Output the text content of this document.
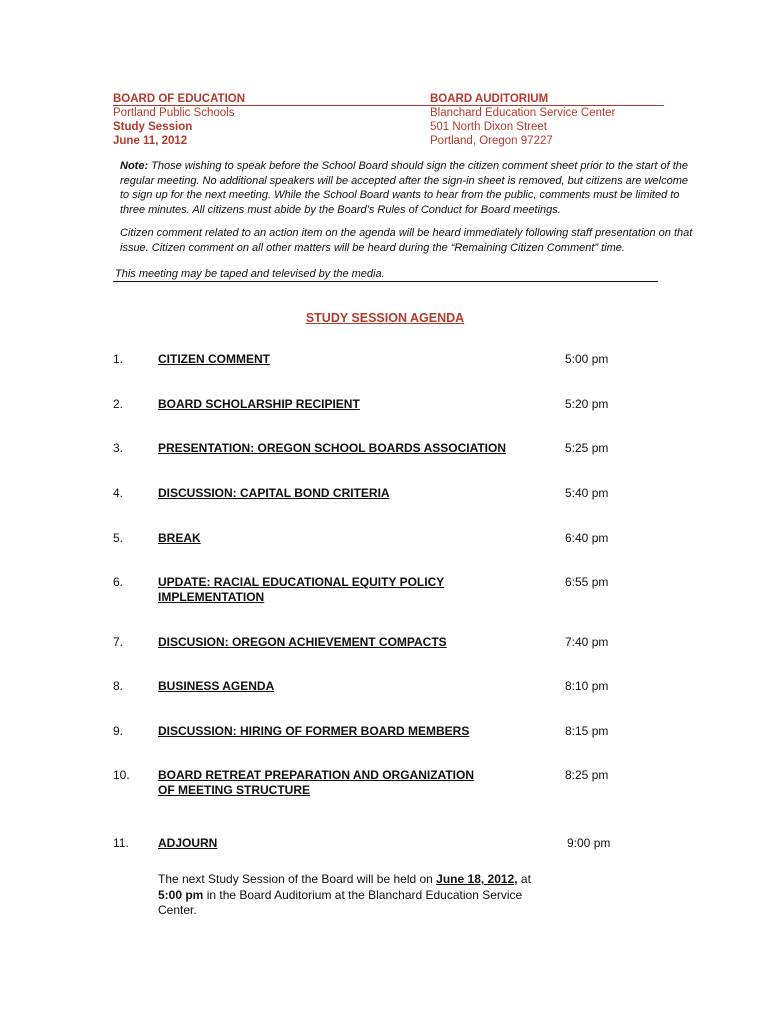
BOARD OF EDUCATION
Portland Public Schools
Study Session
June 11, 2012
BOARD AUDITORIUM
Blanchard Education Service Center
501 North Dixon Street
Portland, Oregon 97227
Note: Those wishing to speak before the School Board should sign the citizen comment sheet prior to the start of the regular meeting. No additional speakers will be accepted after the sign-in sheet is removed, but citizens are welcome to sign up for the next meeting. While the School Board wants to hear from the public, comments must be limited to three minutes. All citizens must abide by the Board’s Rules of Conduct for Board meetings.
Citizen comment related to an action item on the agenda will be heard immediately following staff presentation on that issue. Citizen comment on all other matters will be heard during the “Remaining Citizen Comment” time.
This meeting may be taped and televised by the media.
STUDY SESSION AGENDA
1.	CITIZEN COMMENT	5:00 pm
2.	BOARD SCHOLARSHIP RECIPIENT	5:20 pm
3.	PRESENTATION: OREGON SCHOOL BOARDS ASSOCIATION	5:25 pm
4.	DISCUSSION: CAPITAL BOND CRITERIA	5:40 pm
5.	BREAK	6:40 pm
6.	UPDATE: RACIAL EDUCATIONAL EQUITY POLICY
IMPLEMENTATION
6:55 pm
7.	DISCUSION: OREGON ACHIEVEMENT COMPACTS	7:40 pm
8.	BUSINESS AGENDA	8:10 pm
9.	DISCUSSION: HIRING OF FORMER BOARD MEMBERS	8:15 pm
10. BOARD RETREAT PREPARATION AND ORGANIZATION
OF MEETING STRUCTURE
8:25 pm
11. ADJOURN	9:00 pm
The next Study Session of the Board will be held on June 18, 2012, at 5:00 pm in the Board Auditorium at the Blanchard Education Service Center.
